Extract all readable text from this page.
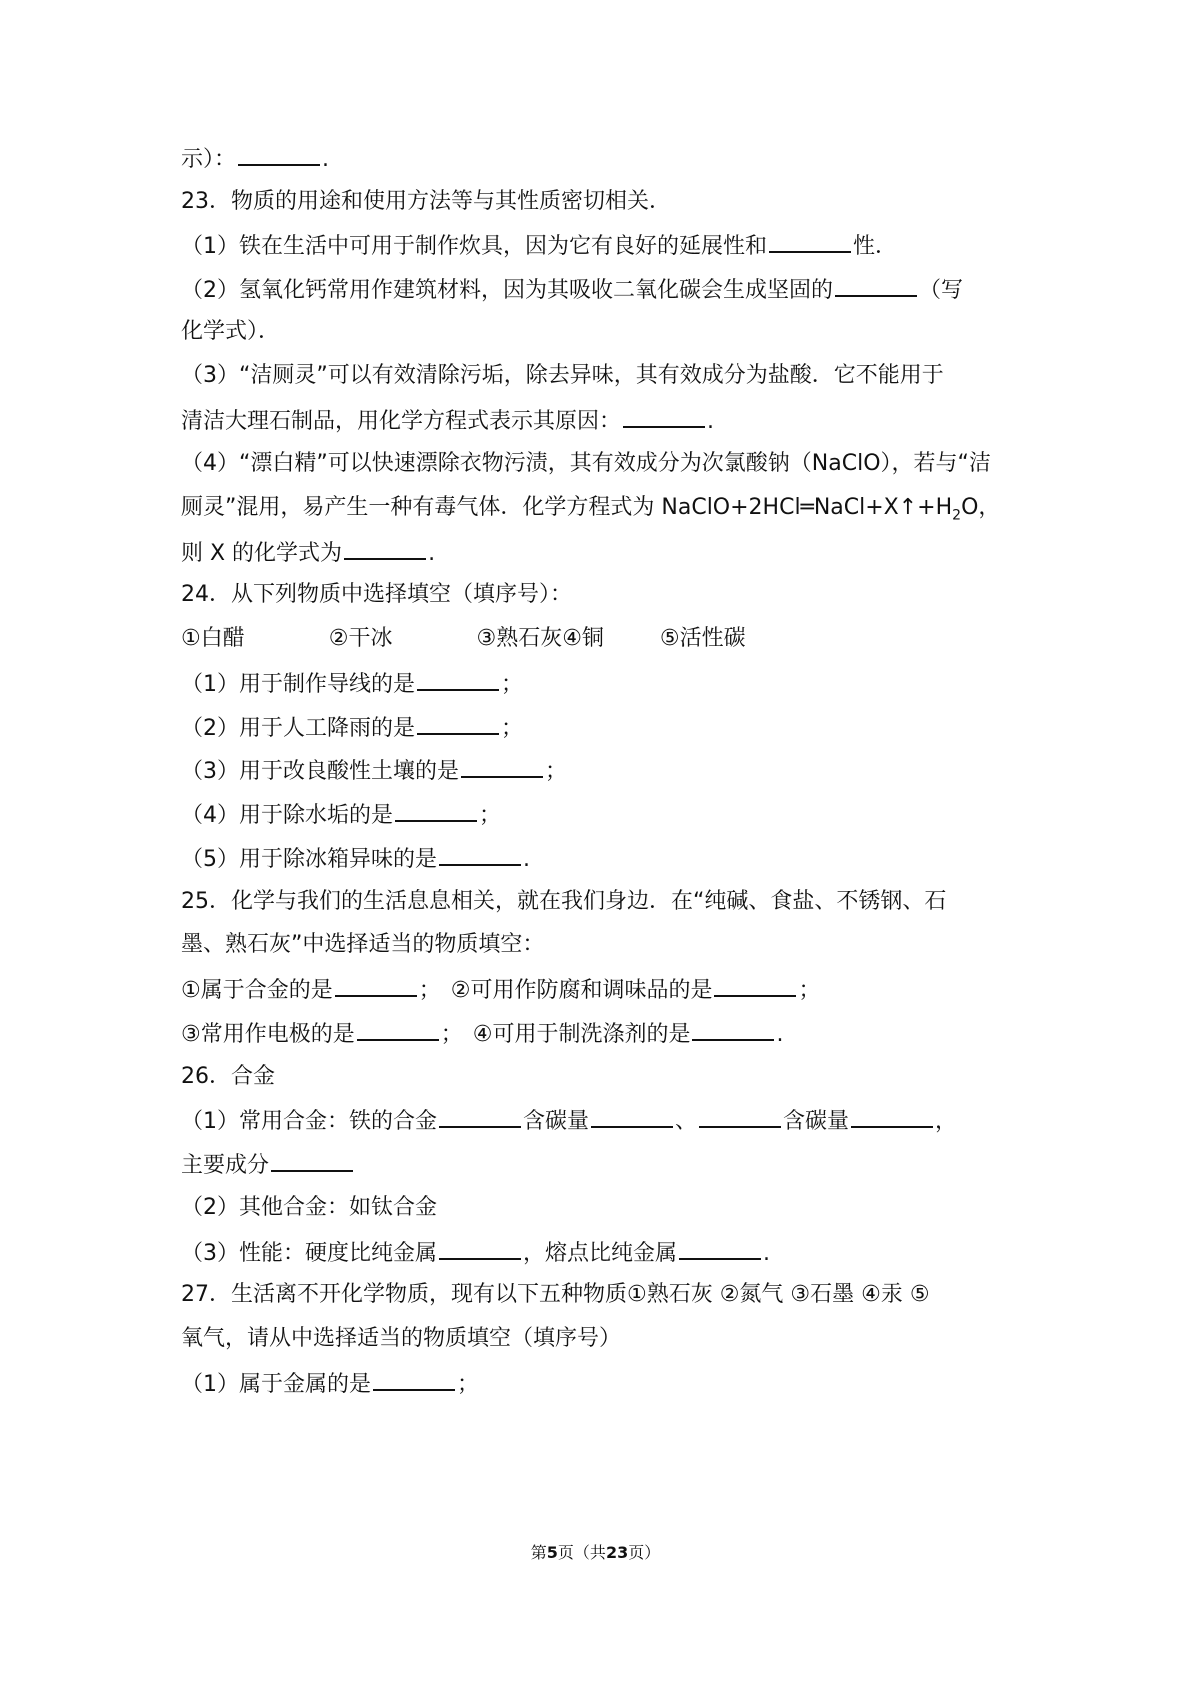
示）：	.
23．物质的用途和使用方法等与其性质密切相关．
（1）铁在生活中可用于制作炊具，因为它有良好的延展性和	性．
（2）氢氧化钙常用作建筑材料，因为其吸收二氧化碳会生成坚固的	（写
化学式）．
（3）“洁厕灵”可以有效清除污垢，除去异味，其有效成分为盐酸．它不能用于
清洁大理石制品，用化学方程式表示其原因：	.
（4）“漂白精”可以快速漂除衣物污渍，其有效成分为次氯酸钠（NaClO），若与“洁
厕灵”混用，易产生一种有毒气体．化学方程式为 $NaClO+2HCl═NaCl+X↑+H_2O$，
则 X 的化学式为	.
24．从下列物质中选择填空（填序号）：
①白醋	②干冰	③熟石灰④铜	⑤活性碳
（1）用于制作导线的是	；
（2）用于人工降雨的是	；
（3）用于改良酸性土壤的是	；
（4）用于除水垢的是	；
（5）用于除冰箱异味的是	.
25．化学与我们的生活息息相关，就在我们身边．在“纯碱、食盐、不锈钢、石
墨、熟石灰”中选择适当的物质填空：
①属于合金的是	； ②可用作防腐和调味品的是	；
③常用作电极的是	； ④可用于制洗涤剂的是	.
26．合金
（1）常用合金：铁的合金	含碳量	、	含碳量	，
主要成分
（2）其他合金：如钛合金
（3）性能：硬度比纯金属	，熔点比纯金属	.
27．生活离不开化学物质，现有以下五种物质①熟石灰 ②氮气 ③石墨 ④汞 ⑤
氧气，请从中选择适当的物质填空（填序号）
（1）属于金属的是	；
第5页（共23页）
